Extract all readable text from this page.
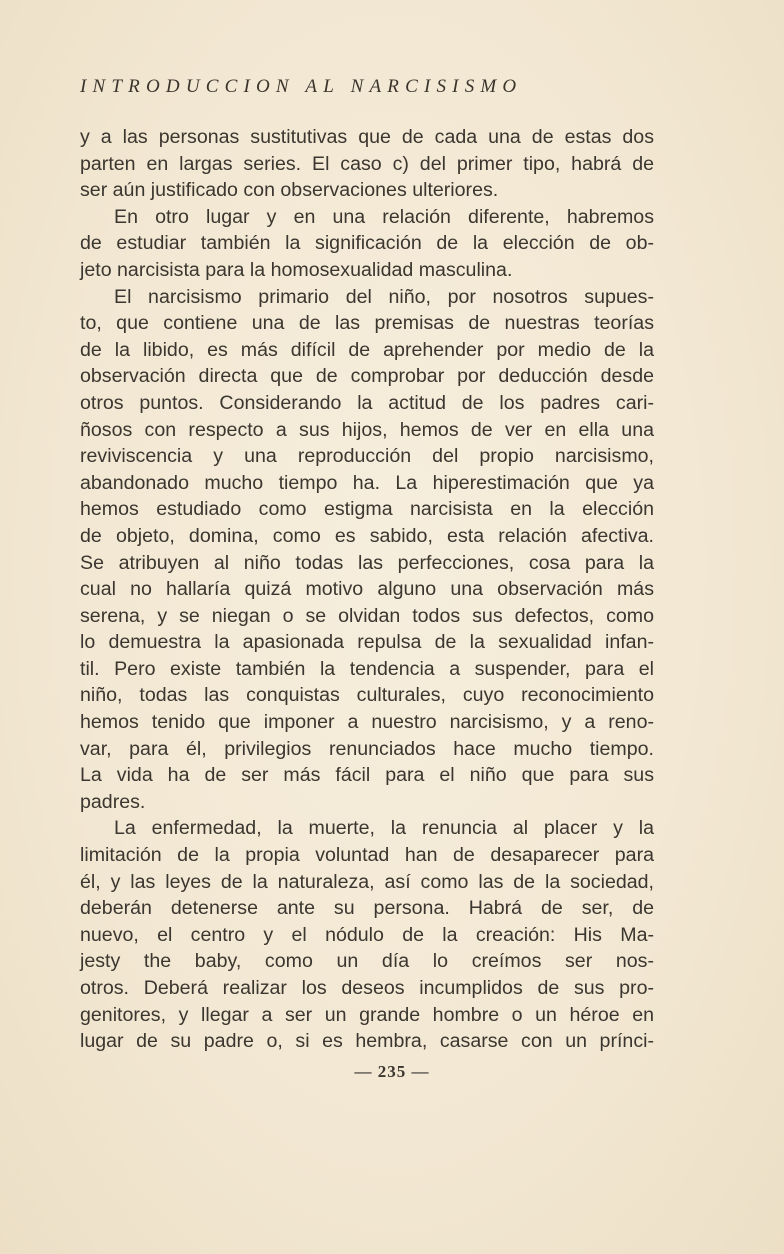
INTRODUCCION AL NARCISISMO
y a las personas sustitutivas que de cada una de estas dos
parten en largas series. El caso c) del primer tipo, habrá de
ser aún justificado con observaciones ulteriores.
En otro lugar y en una relación diferente, habremos
de estudiar también la significación de la elección de ob-
jeto narcisista para la homosexualidad masculina.
El narcisismo primario del niño, por nosotros supues-
to, que contiene una de las premisas de nuestras teorías
de la libido, es más difícil de aprehender por medio de la
observación directa que de comprobar por deducción desde
otros puntos. Considerando la actitud de los padres cari-
ñosos con respecto a sus hijos, hemos de ver en ella una
reviviscencia y una reproducción del propio narcisismo,
abandonado mucho tiempo ha. La hiperestimación que ya
hemos estudiado como estigma narcisista en la elección
de objeto, domina, como es sabido, esta relación afectiva.
Se atribuyen al niño todas las perfecciones, cosa para la
cual no hallaría quizá motivo alguno una observación más
serena, y se niegan o se olvidan todos sus defectos, como
lo demuestra la apasionada repulsa de la sexualidad infan-
til. Pero existe también la tendencia a suspender, para el
niño, todas las conquistas culturales, cuyo reconocimiento
hemos tenido que imponer a nuestro narcisismo, y a reno-
var, para él, privilegios renunciados hace mucho tiempo.
La vida ha de ser más fácil para el niño que para sus
padres.
La enfermedad, la muerte, la renuncia al placer y la
limitación de la propia voluntad han de desaparecer para
él, y las leyes de la naturaleza, así como las de la sociedad,
deberán detenerse ante su persona. Habrá de ser, de
nuevo, el centro y el nódulo de la creación: His Ma-
jesty the baby, como un día lo creímos ser nos-
otros. Deberá realizar los deseos incumplidos de sus pro-
genitores, y llegar a ser un grande hombre o un héroe en
lugar de su padre o, si es hembra, casarse con un prínci-
— 235 —
